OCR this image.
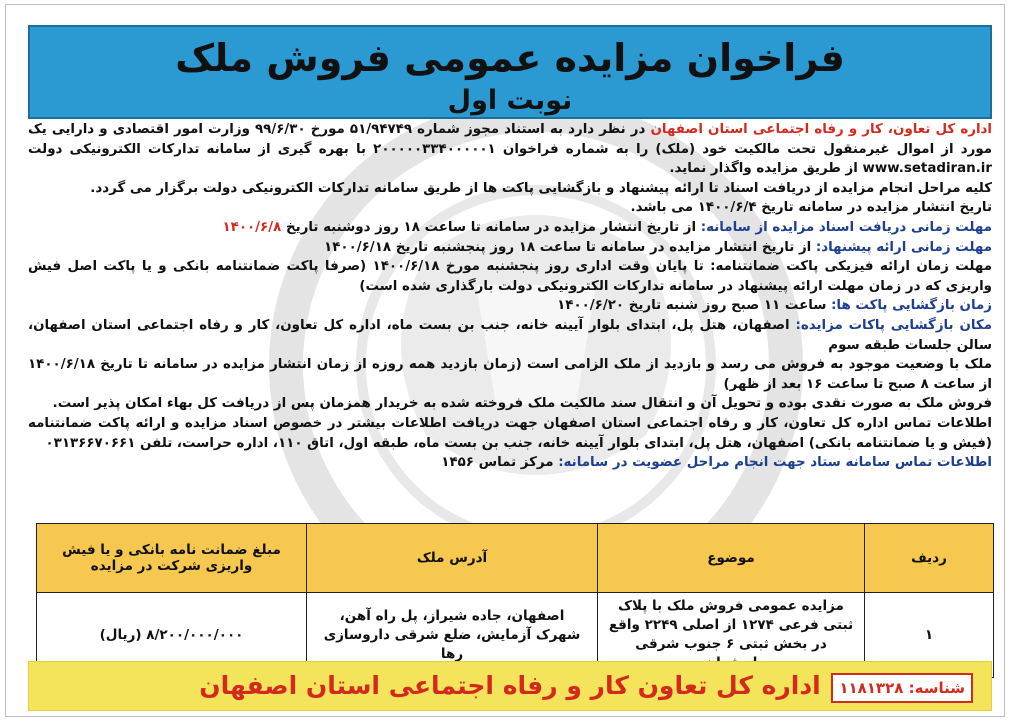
فراخوان مزایده عمومی فروش ملک
نوبت اول

اداره کل تعاون، کار و رفاه اجتماعی استان اصفهان در نظر دارد به استناد مجوز شماره ۵۱/۹۴۷۴۹ مورخ ۹۹/۶/۳۰ وزارت امور اقتصادی و دارایی یک مورد از اموال غیرمنقول تحت مالکیت خود (ملک) را به شماره فراخوان ۲۰۰۰۰۰۳۳۴۰۰۰۰۰۱ با بهره گیری از سامانه تدارکات الکترونیکی دولت www.setadiran.ir از طریق مزایده واگذار نماید.

کلیه مراحل انجام مزایده از دریافت اسناد تا ارائه پیشنهاد و بازگشایی پاکت ها از طریق سامانه تدارکات الکترونیکی دولت برگزار می گردد.

تاریخ انتشار مزایده در سامانه تاریخ ۱۴۰۰/۶/۴ می باشد.

مهلت زمانی دریافت اسناد مزایده از سامانه: از تاریخ انتشار مزایده در سامانه تا ساعت ۱۸ روز دوشنبه تاریخ ۱۴۰۰/۶/۸

مهلت زمانی ارائه پیشنهاد: از تاریخ انتشار مزایده در سامانه تا ساعت ۱۸ روز پنجشنبه تاریخ ۱۴۰۰/۶/۱۸

مهلت زمان ارائه فیزیکی پاکت ضمانتنامه: تا پایان وقت اداری روز پنجشنبه مورخ ۱۴۰۰/۶/۱۸ (صرفا پاکت ضمانتنامه بانکی و یا پاکت اصل فیش واریزی که در زمان مهلت ارائه پیشنهاد در سامانه تدارکات الکترونیکی دولت بارگذاری شده است)

زمان بازگشایی پاکت ها: ساعت ۱۱ صبح روز شنبه تاریخ ۱۴۰۰/۶/۲۰

مکان بازگشایی پاکات مزایده: اصفهان، هتل پل، ابتدای بلوار آیینه خانه، جنب بن بست ماه، اداره کل تعاون، کار و رفاه اجتماعی استان اصفهان، سالن جلسات طبقه سوم

ملک با وضعیت موجود به فروش می رسد و بازدید از ملک الزامی است (زمان بازدید همه روزه از زمان انتشار مزایده در سامانه تا تاریخ ۱۴۰۰/۶/۱۸ از ساعت ۸ صبح تا ساعت ۱۶ بعد از ظهر)

فروش ملک به صورت نقدی بوده و تحویل آن و انتقال سند مالکیت ملک فروخته شده به خریدار همزمان پس از دریافت کل بهاء امکان پذیر است.

اطلاعات تماس اداره کل تعاون، کار و رفاه اجتماعی استان اصفهان جهت دریافت اطلاعات بیشتر در خصوص اسناد مزایده و ارائه پاکت ضمانتنامه (فیش و یا ضمانتنامه بانکی) اصفهان، هتل پل، ابتدای بلوار آیینه خانه، جنب بن بست ماه، طبقه اول، اتاق ۱۱۰، اداره حراست، تلفن ۰۳۱۳۶۶۷۰۶۶۱

اطلاعات تماس سامانه ستاد جهت انجام مراحل عضویت در سامانه: مرکز تماس ۱۴۵۶

ردیف	موضوع	آدرس ملک	مبلغ ضمانت نامه بانکی و یا فیش واریزی شرکت در مزایده
۱	مزایده عمومی فروش ملک با پلاک ثبتی فرعی ۱۲۷۴ از اصلی ۲۲۴۹ واقع در بخش ثبتی ۶ جنوب شرقی	اصفهان، جاده شیراز، پل راه آهن، شهرک آزمایش، ضلع شرقی داروسازی رها	۸/۲۰۰/۰۰۰/۰۰۰ (ریال)
اداره کل تعاون کار و رفاه اجتماعی استان اصفهان	شناسه: ۱۱۸۱۳۲۸
